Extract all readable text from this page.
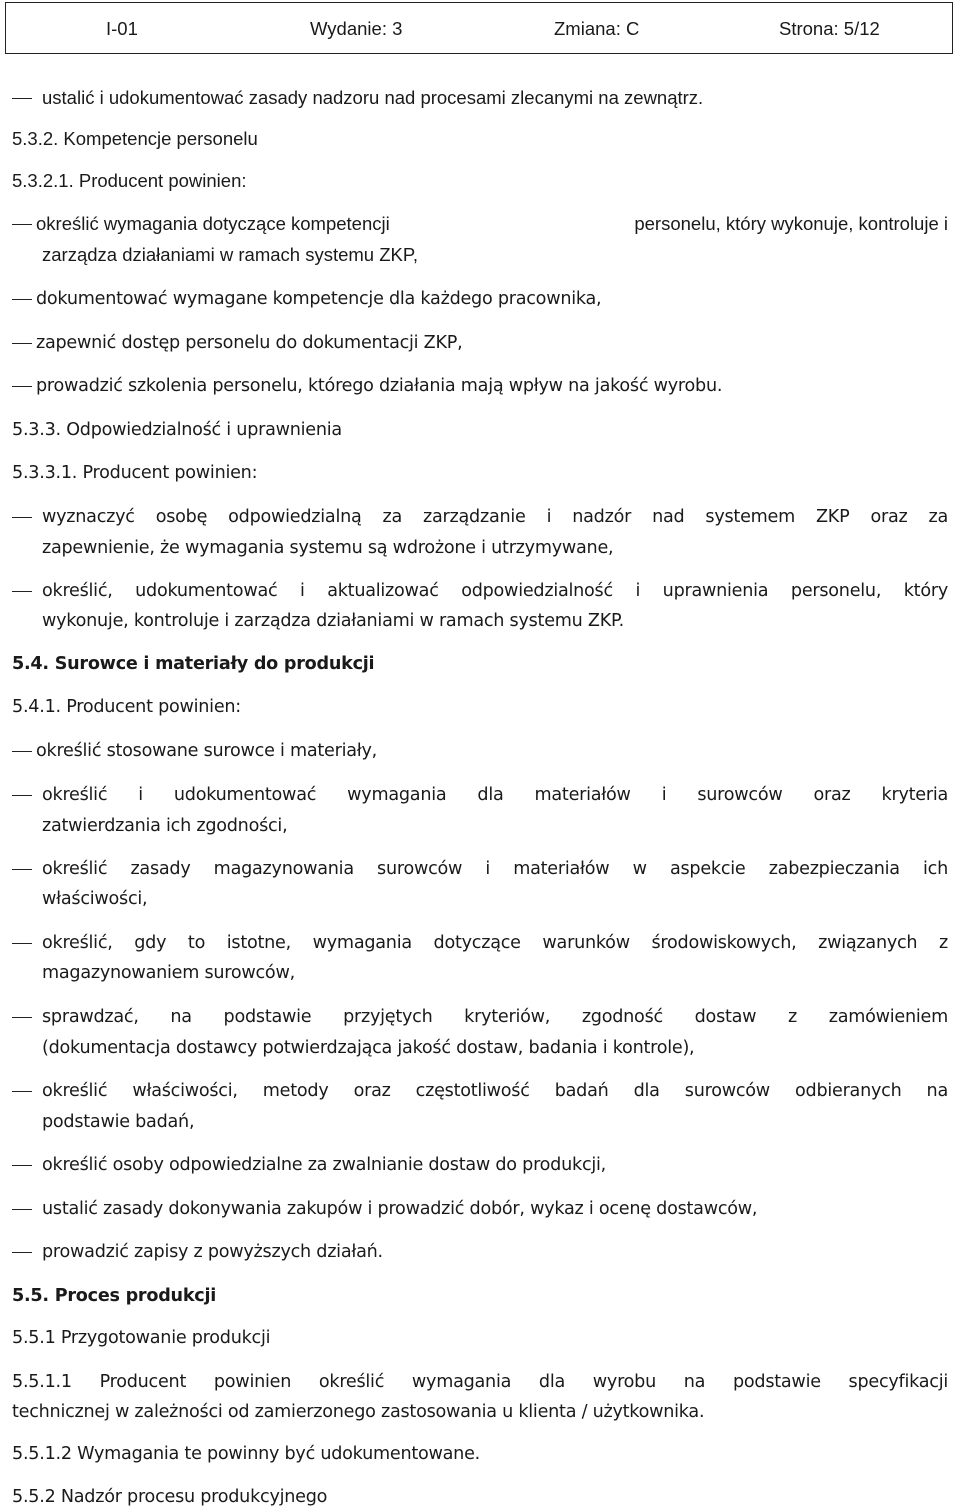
I-01	Wydanie: 3	Zmiana: C	Strona: 5/12
ustalić i udokumentować zasady nadzoru nad procesami zlecanymi na zewnątrz.
5.3.2. Kompetencje personelu
5.3.2.1. Producent powinien:
określić wymagania dotyczące kompetencji	personelu, który wykonuje, kontroluje i
zarządza działaniami w ramach systemu ZKP,
dokumentować wymagane kompetencje dla każdego pracownika,
zapewnić dostęp personelu do dokumentacji ZKP,
prowadzić szkolenia personelu, którego działania mają wpływ na jakość wyrobu.
5.3.3. Odpowiedzialność i uprawnienia
5.3.3.1. Producent powinien:
wyznaczyć osobę odpowiedzialną za zarządzanie i nadzór nad systemem ZKP oraz za
zapewnienie, że wymagania systemu są wdrożone i utrzymywane,
określić, udokumentować i aktualizować odpowiedzialność i uprawnienia personelu, który
wykonuje, kontroluje i zarządza działaniami w ramach systemu ZKP.
5.4. Surowce i materiały do produkcji
5.4.1. Producent powinien:
określić stosowane surowce i materiały,
określić i udokumentować wymagania dla materiałów i surowców oraz kryteria
zatwierdzania ich zgodności,
określić zasady magazynowania surowców i materiałów w aspekcie zabezpieczania ich
właściwości,
określić, gdy to istotne, wymagania dotyczące warunków środowiskowych, związanych z
magazynowaniem surowców,
sprawdzać, na podstawie przyjętych kryteriów, zgodność dostaw z zamówieniem
(dokumentacja dostawcy potwierdzająca jakość dostaw, badania i kontrole),
określić właściwości, metody oraz częstotliwość badań dla surowców odbieranych na
podstawie badań,
określić osoby odpowiedzialne za zwalnianie dostaw do produkcji,
ustalić zasady dokonywania zakupów i prowadzić dobór, wykaz i ocenę dostawców,
prowadzić zapisy z powyższych działań.
5.5. Proces produkcji
5.5.1 Przygotowanie produkcji
5.5.1.1 Producent powinien określić wymagania dla wyrobu na podstawie specyfikacji
technicznej w zależności od zamierzonego zastosowania u klienta / użytkownika.
5.5.1.2 Wymagania te powinny być udokumentowane.
5.5.2 Nadzór procesu produkcyjnego
